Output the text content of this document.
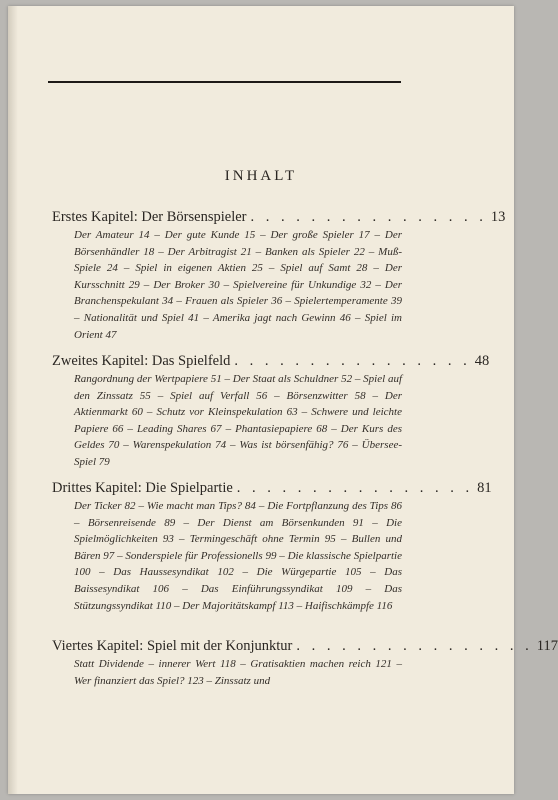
INHALT
Erstes Kapitel: Der Börsenspieler . . . . . . . . . . . . . . . . 13

Der Amateur 14 – Der gute Kunde 15 – Der große Spieler 17 – Der Börsenhändler 18 – Der Arbitragist 21 – Banken als Spieler 22 – Muß-Spiele 24 – Spiel in eigenen Aktien 25 – Spiel auf Samt 28 – Der Kursschnitt 29 – Der Broker 30 – Spielvereine für Unkundige 32 – Der Branchenspekulant 34 – Frauen als Spieler 36 – Spielertemperamente 39 – Nationalität und Spiel 41 – Amerika jagt nach Gewinn 46 – Spiel im Orient 47

Zweites Kapitel: Das Spielfeld . . . . . . . . . . . . . . . . 48

Rangordnung der Wertpapiere 51 – Der Staat als Schuldner 52 – Spiel auf den Zinssatz 55 – Spiel auf Verfall 56 – Börsenzwitter 58 – Der Aktienmarkt 60 – Schutz vor Kleinspekulation 63 – Schwere und leichte Papiere 66 – Leading Shares 67 – Phantasiepapiere 68 – Der Kurs des Geldes 70 – Warenspekulation 74 – Was ist börsenfähig? 76 – Übersee-Spiel 79

Drittes Kapitel: Die Spielpartie . . . . . . . . . . . . . . . . 81

Der Ticker 82 – Wie macht man Tips? 84 – Die Fortpflanzung des Tips 86 – Börsenreisende 89 – Der Dienst am Börsenkunden 91 – Die Spielmöglichkeiten 93 – Termingeschäft ohne Termin 95 – Bullen und Bären 97 – Sonderspiele für Professionells 99 – Die klassische Spielpartie 100 – Das Haussesyndikat 102 – Die Würgepartie 105 – Das Baissesyndikat 106 – Das Einführungssyndikat 109 – Das Stützungssyndikat 110 – Der Majoritätskampf 113 – Haifischkämpfe 116

Viertes Kapitel: Spiel mit der Konjunktur . . . . . . . . . . . . . . . . 117

Statt Dividende – innerer Wert 118 – Gratisaktien machen reich 121 – Wer finanziert das Spiel? 123 – Zinssatz und
